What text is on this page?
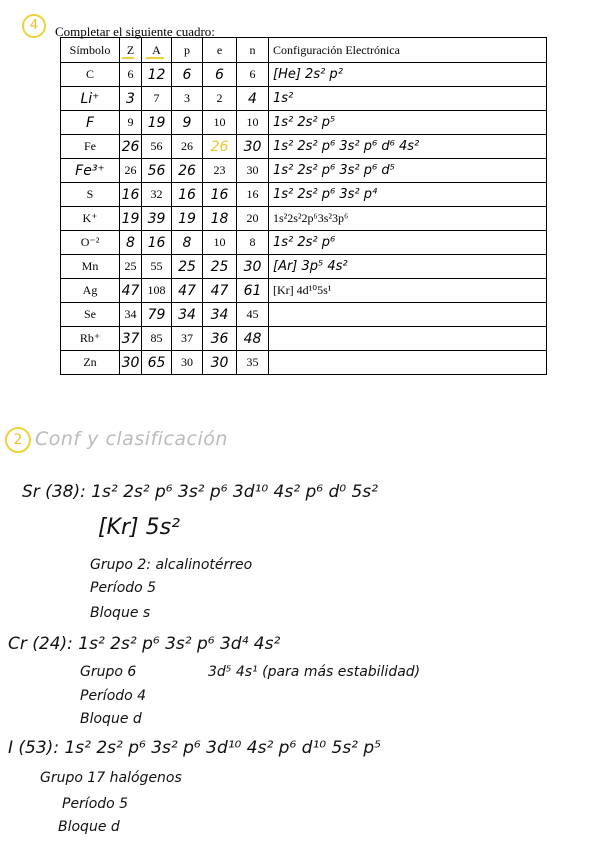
4	Completar el siguiente cuadro:
Símbolo	Z	A	p	e	n	Configuración Electrónica
C	6	12	6	6	6	[He] 2s² p²
Li⁺	3	7	3	2	4	1s²
F	9	19	9	10	10	1s² 2s² p⁵
Fe	26	56	26	26	30	1s² 2s² p⁶ 3s² p⁶ d⁶ 4s²
Fe³⁺	26	56	26	23	30	1s² 2s² p⁶ 3s² p⁶ d⁵
S	16	32	16	16	16	1s² 2s² p⁶ 3s² p⁴
K⁺	19	39	19	18	20	1s²2s²2p⁶3s²3p⁶
O⁻²	8	16	8	10	8	1s² 2s² p⁶
Mn	25	55	25	25	30	[Ar] 3p⁵ 4s²
Ag	47	108	47	47	61	[Kr] 4d¹⁰5s¹
Se	34	79	34	34	45	
Rb⁺	37	85	37	36	48	
Zn	30	65	30	30	35	
2 Conf y clasificación
Sr (38): 1s² 2s² p⁶ 3s² p⁶ 3d¹⁰ 4s² p⁶ d⁰ 5s²
[Kr] 5s²
Grupo 2: alcalinotérreo
Período 5
Bloque s
Cr (24): 1s² 2s² p⁶ 3s² p⁶ 3d⁴ 4s²
3d⁵ 4s¹ (para más estabilidad)
Grupo 6
Período 4
Bloque d
I (53): 1s² 2s² p⁶ 3s² p⁶ 3d¹⁰ 4s² p⁶ d¹⁰ 5s² p⁵
Grupo 17 halógenos
Período 5
Bloque d
